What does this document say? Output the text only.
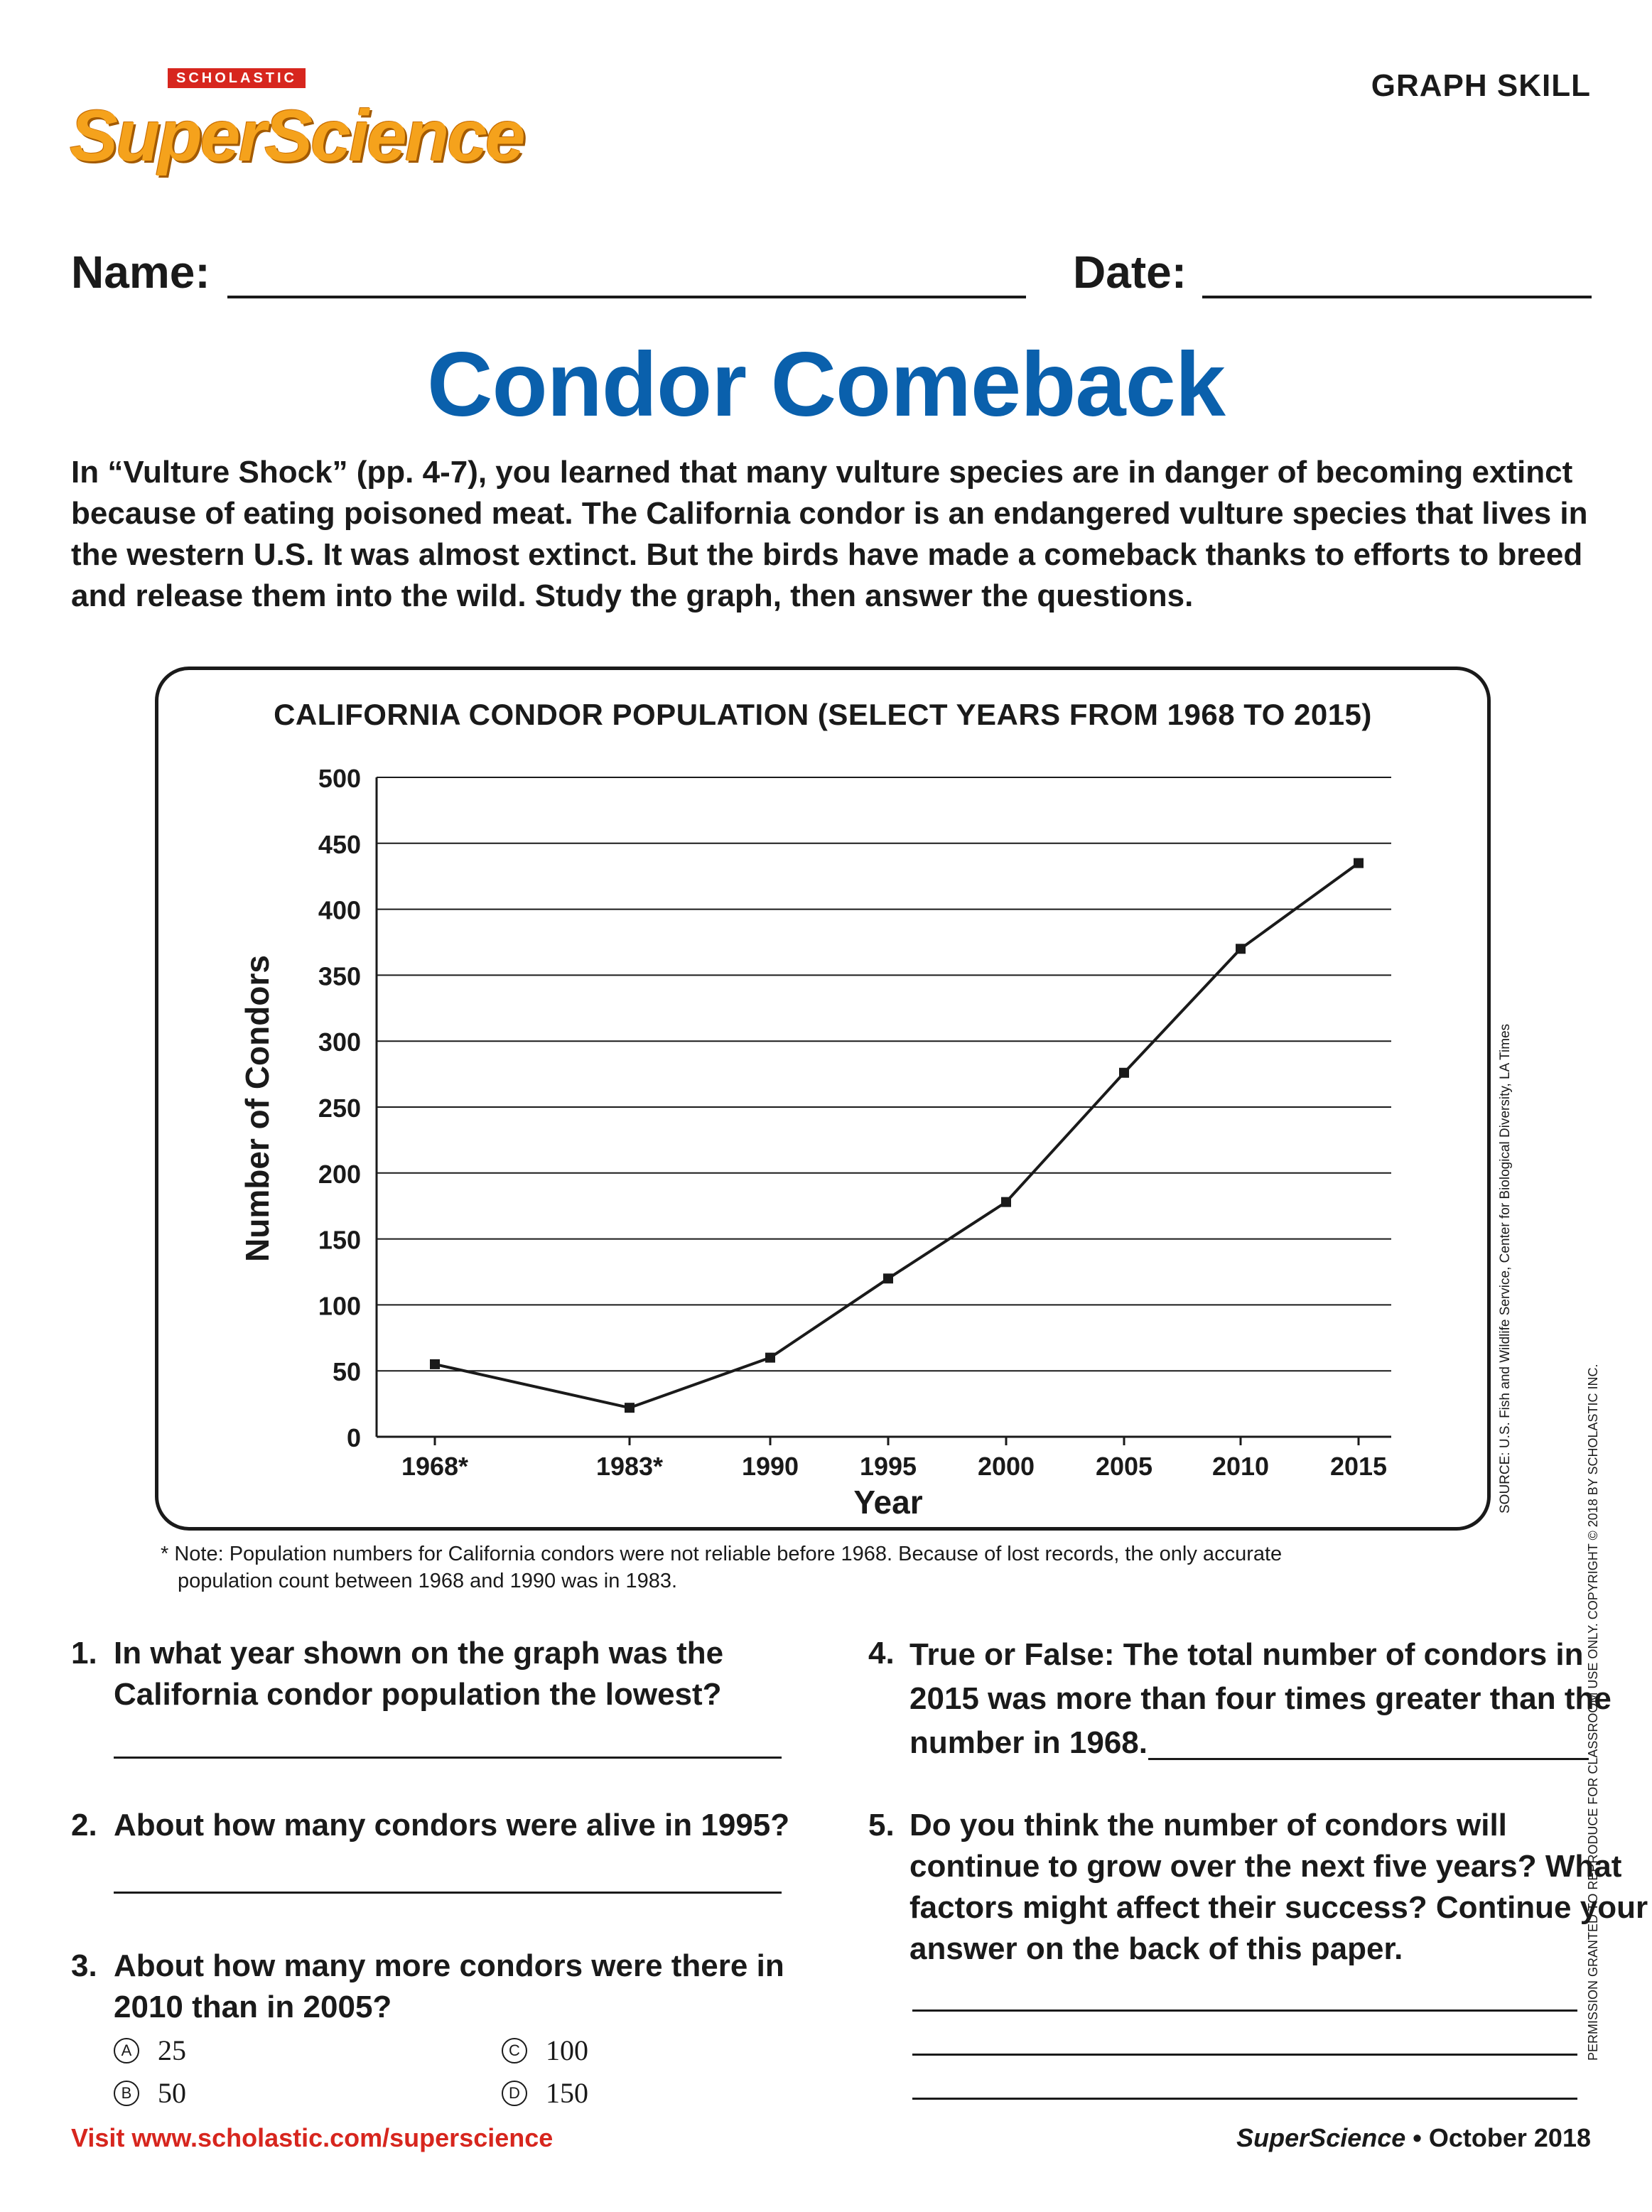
SCHOLASTIC
SuperScience
GRAPH SKILL
Name:	Date:
Condor Comeback
In “Vulture Shock” (pp. 4-7), you learned that many vulture species are in danger of becoming extinct because of eating poisoned meat. The California condor is an endangered vulture species that lives in the western U.S. It was almost extinct. But the birds have made a comeback thanks to efforts to breed and release them into the wild. Study the graph, then answer the questions.
CALIFORNIA CONDOR POPULATION (SELECT YEARS FROM 1968 TO 2015)
0
50
100
150
200
250
300
350
400
450
500
1968*	1983*	1990 1995 2000 2005 2010 2015
Year
Number of Condors	SOURCE: U.S. Fish and Wildlife Service, Center for Biological Diversity, LA Times
PERMISSION GRANTED TO REPRODUCE FOR CLASSROOM USE ONLY. COPYRIGHT © 2018 BY SCHOLASTIC INC.
* Note: Population numbers for California condors were not reliable before 1968. Because of lost records, the only accurate
population count between 1968 and 1990 was in 1983.
1. In what year shown on the graph was the
California condor population the lowest?
2. About how many condors were alive in 1995?
3. About how many more condors were there in
2010 than in 2005?
A 25
B 50
C 100
D 150
4. True or False: The total number of condors in
2015 was more than four times greater than the
number in 1968.
5. Do you think the number of condors will
continue to grow over the next five years? What
factors might affect their success? Continue your
answer on the back of this paper.
Visit www.scholastic.com/superscience	SuperScience • October 2018
